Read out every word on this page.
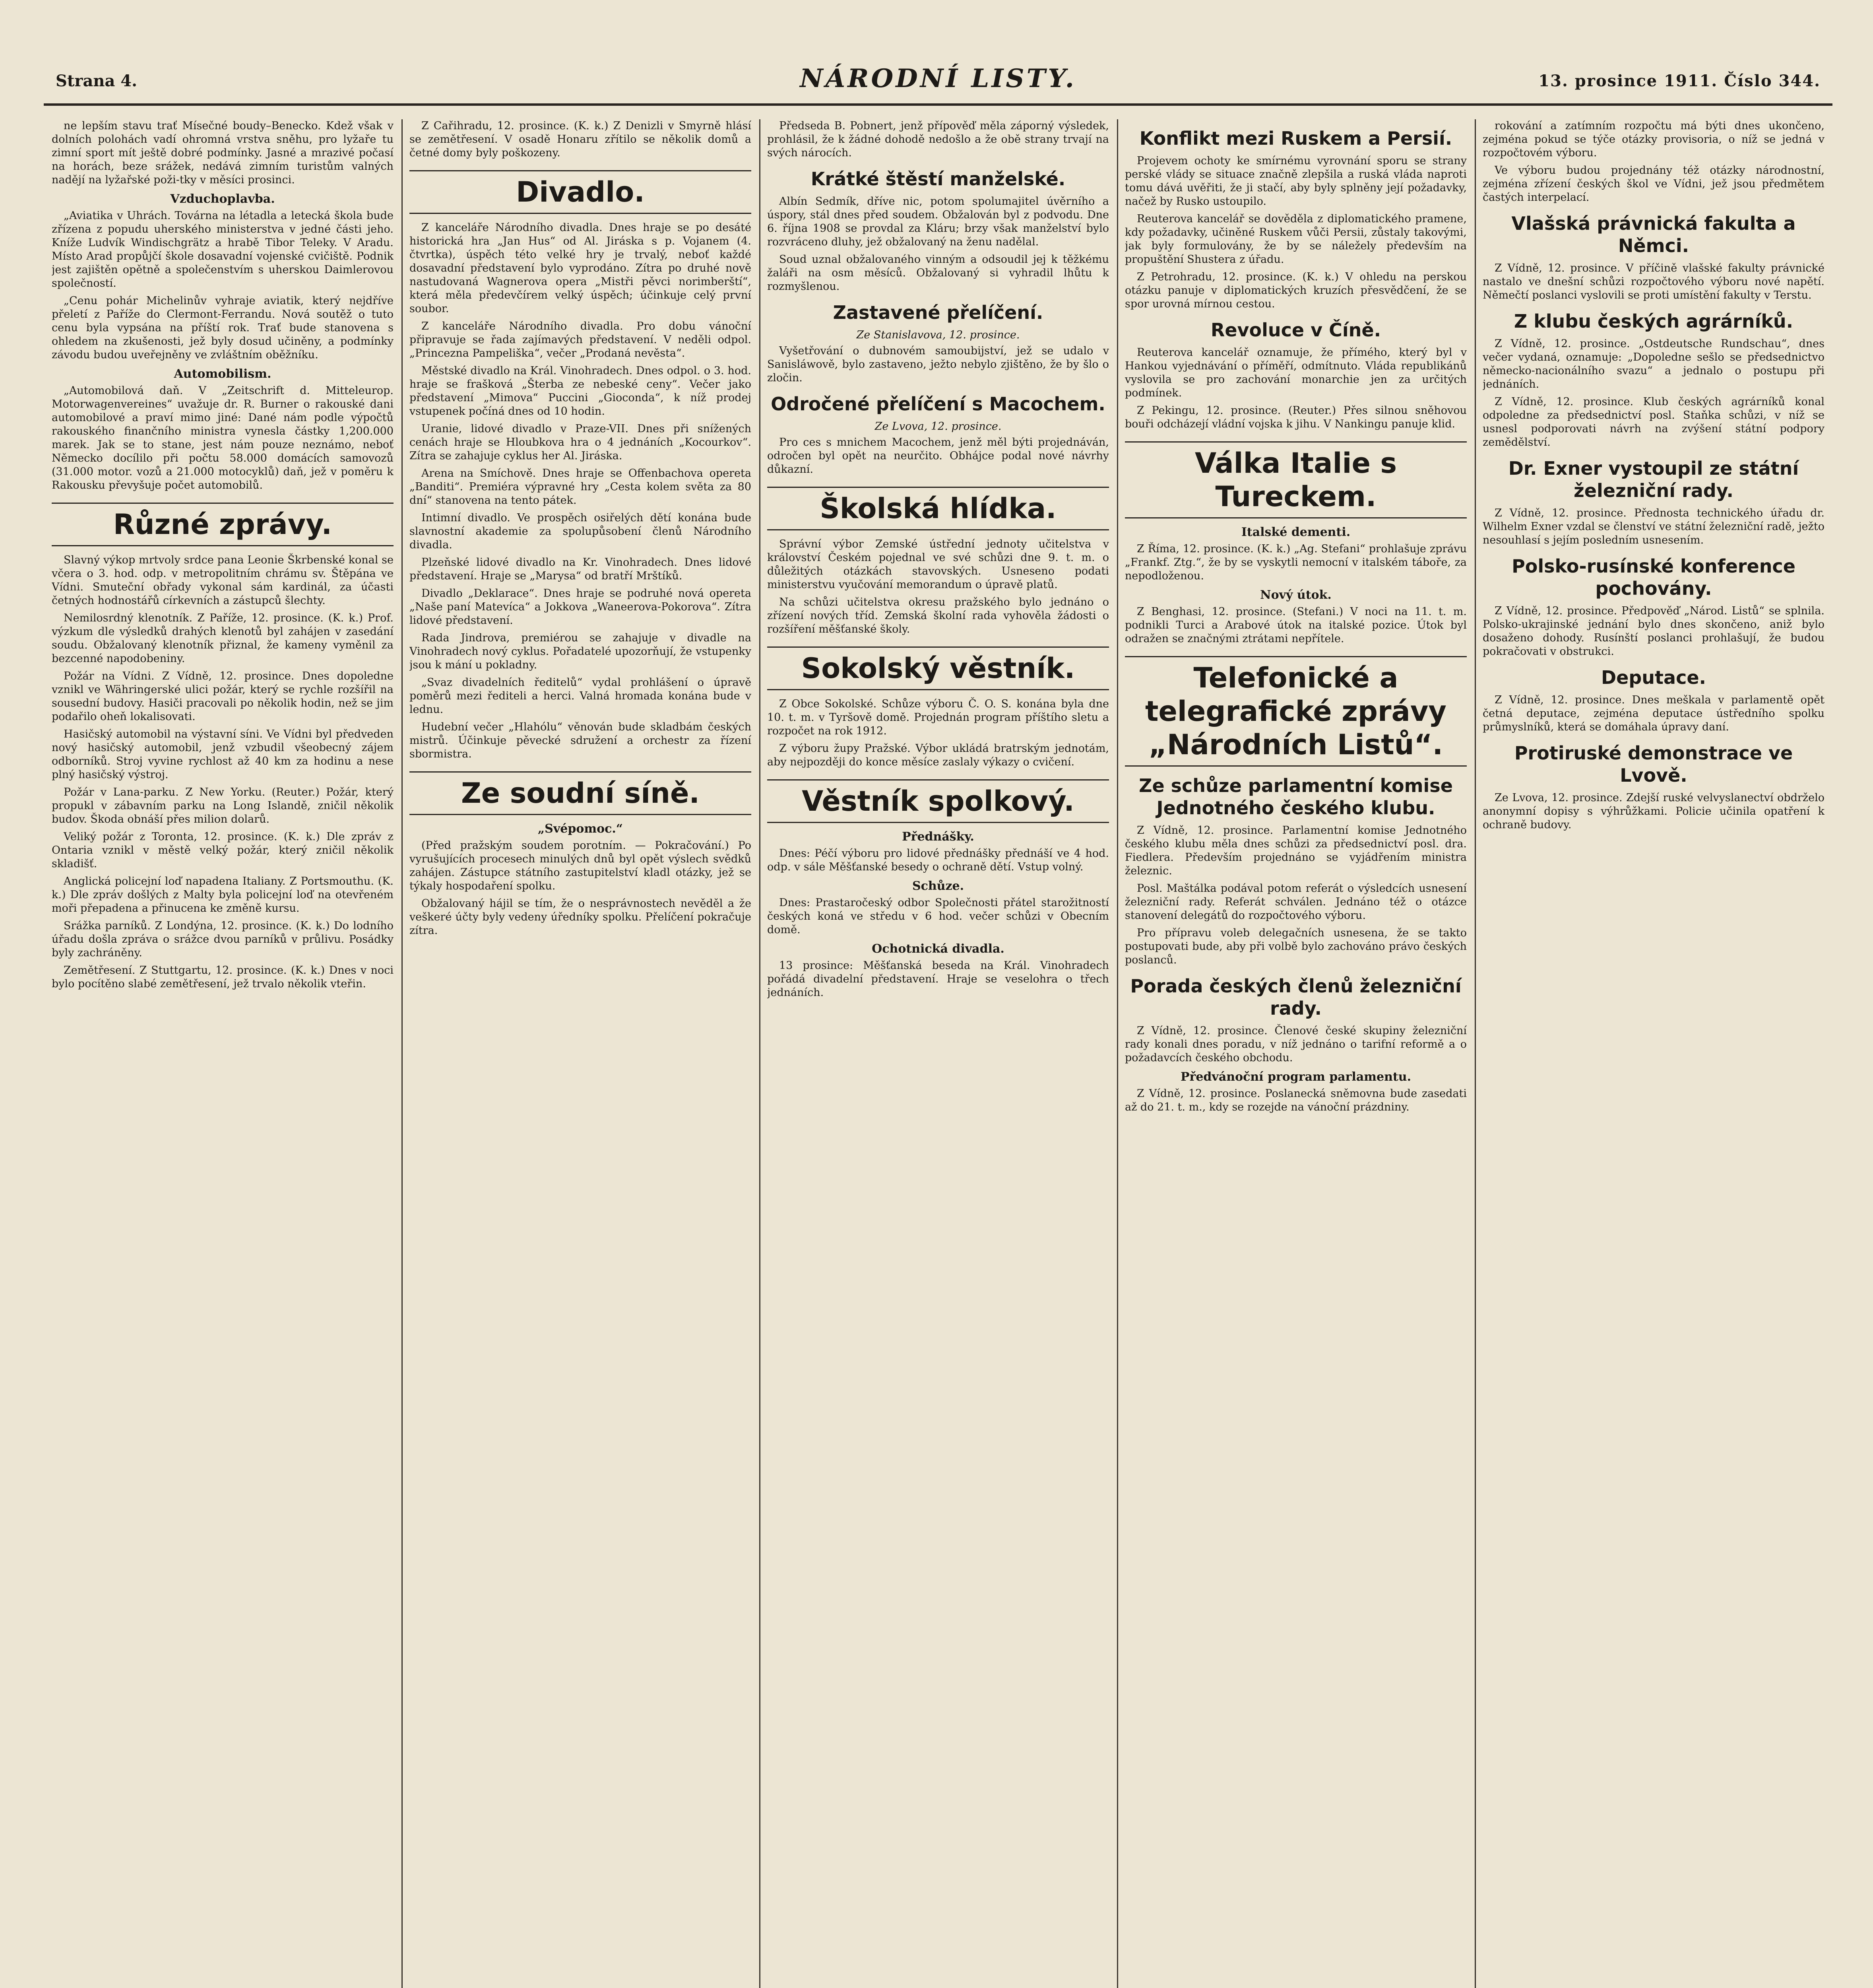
Strana 4.	NÁRODNÍ LISTY.	13. prosince 1911. Číslo 344.

ne lepším stavu trať Mísečné boudy–Benecko. Kdež však v dolních polohách vadí ohromná vrstva sněhu, pro lyžaře tu zimní sport mít ještě dobré podmínky. Jasné a mrazivé počasí na horách, beze srážek, nedává zimním turistům valných nadějí na lyžařské poži-tky v měsíci prosinci.

Vzduchoplavba.

„Aviatika v Uhrách. Továrna na létadla a letecká škola bude zřízena z popudu uherského ministerstva v jedné části jeho. Kníže Ludvík Windischgrätz a hrabě Tibor Teleky. V Aradu. Místo Arad propůjčí škole dosavadní vojenské cvičiště. Podnik jest zajištěn opětně a společenstvím s uherskou Daimlerovou společností.

„Cenu pohár Michelinův vyhraje aviatik, který nejdříve přeletí z Paříže do Clermont-Ferrandu. Nová soutěž o tuto cenu byla vypsána na příští rok. Trať bude stanovena s ohledem na zkušenosti, jež byly dosud učiněny, a podmínky závodu budou uveřejněny ve zvláštním oběžníku.

Automobilism.

„Automobilová daň. V „Zeitschrift d. Mitteleurop. Motorwagenvereines“ uvažuje dr. R. Burner o rakouské dani automobilové a praví mimo jiné: Dané nám podle výpočtů rakouského finančního ministra vynesla částky 1,200.000 marek. Jak se to stane, jest nám pouze neznámo, neboť Německo docílilo při počtu 58.000 domácích samovozů (31.000 motor. vozů a 21.000 motocyklů) daň, jež v poměru k Rakousku převyšuje počet automobilů.

Různé zprávy.

Slavný výkop mrtvoly srdce pana Leonie Škrbenské konal se včera o 3. hod. odp. v metropolitním chrámu sv. Štěpána ve Vídni. Smuteční obřady vykonal sám kardinál, za účasti četných hodnostářů církevních a zástupců šlechty.

Nemilosrdný klenotník. Z Paříže, 12. prosince. (K. k.) Prof. výzkum dle výsledků drahých klenotů byl zahájen v zasedání soudu. Obžalovaný klenotník přiznal, že kameny vyměnil za bezcenné napodobeniny.

Požár na Vídni. Z Vídně, 12. prosince. Dnes dopoledne vznikl ve Währingerské ulici požár, který se rychle rozšířil na sousední budovy. Hasiči pracovali po několik hodin, než se jim podařilo oheň lokalisovati.

Hasičský automobil na výstavní síni. Ve Vídni byl předveden nový hasičský automobil, jenž vzbudil všeobecný zájem odborníků. Stroj vyvine rychlost až 40 km za hodinu a nese plný hasičský výstroj.

Požár v Lana-parku. Z New Yorku. (Reuter.) Požár, který propukl v zábavním parku na Long Islandě, zničil několik budov. Škoda obnáší přes milion dolarů.

Veliký požár z Toronta, 12. prosince. (K. k.) Dle zpráv z Ontaria vznikl v městě velký požár, který zničil několik skladišť.

Anglická policejní loď napadena Italiany. Z Portsmouthu. (K. k.) Dle zpráv došlých z Malty byla policejní loď na otevřeném moři přepadena a přinucena ke změně kursu.

Srážka parníků. Z Londýna, 12. prosince. (K. k.) Do lodního úřadu došla zpráva o srážce dvou parníků v průlivu. Posádky byly zachráněny.

Zemětřesení. Z Stuttgartu, 12. prosince. (K. k.) Dnes v noci bylo pocítěno slabé zemětřesení, jež trvalo několik vteřin.

Z Cařihradu, 12. prosince. (K. k.) Z Denizli v Smyrně hlásí se zemětřesení. V osadě Honaru zřítilo se několik domů a četné domy byly poškozeny.

Divadlo.

Z kanceláře Národního divadla. Dnes hraje se po desáté historická hra „Jan Hus“ od Al. Jiráska s p. Vojanem (4. čtvrtka), úspěch této velké hry je trvalý, neboť každé dosavadní představení bylo vyprodáno. Zítra po druhé nově nastudovaná Wagnerova opera „Mistři pěvci norimberští“, která měla předevčírem velký úspěch; účinkuje celý první soubor.

Z kanceláře Národního divadla. Pro dobu vánoční připravuje se řada zajímavých představení. V neděli odpol. „Princezna Pampeliška“, večer „Prodaná nevěsta“.

Městské divadlo na Král. Vinohradech. Dnes odpol. o 3. hod. hraje se frašková „Šterba ze nebeské ceny“. Večer jako představení „Mimova“ Puccini „Gioconda“, k níž prodej vstupenek počíná dnes od 10 hodin.

Uranie, lidové divadlo v Praze-VII. Dnes při snížených cenách hraje se Hloubkova hra o 4 jednáních „Kocourkov“. Zítra se zahajuje cyklus her Al. Jiráska.

Arena na Smíchově. Dnes hraje se Offenbachova opereta „Banditi“. Premiéra výpravné hry „Cesta kolem světa za 80 dní“ stanovena na tento pátek.

Intimní divadlo. Ve prospěch osiřelých dětí konána bude slavnostní akademie za spolupůsobení členů Národního divadla.

Plzeňské lidové divadlo na Kr. Vinohradech. Dnes lidové představení. Hraje se „Marysa“ od bratří Mrštíků.

Divadlo „Deklarace“. Dnes hraje se podruhé nová opereta „Naše paní Matevíca“ a Jokkova „Waneerova-Pokorova“. Zítra lidové představení.

Rada Jindrova, premiérou se zahajuje v divadle na Vinohradech nový cyklus. Pořadatelé upozorňují, že vstupenky jsou k mání u pokladny.

„Svaz divadelních ředitelů“ vydal prohlášení o úpravě poměrů mezi řediteli a herci. Valná hromada konána bude v lednu.

Hudební večer „Hlahólu“ věnován bude skladbám českých mistrů. Účinkuje pěvecké sdružení a orchestr za řízení sbormistra.

Ze soudní síně.
„Svépomoc.“

(Před pražským soudem porotním. — Pokračování.) Po vyrušujících procesech minulých dnů byl opět výslech svědků zahájen. Zástupce státního zastupitelství kladl otázky, jež se týkaly hospodaření spolku.

Obžalovaný hájil se tím, že o nesprávnostech nevěděl a že veškeré účty byly vedeny úředníky spolku. Přelíčení pokračuje zítra.

Předseda B. Pobnert, jenž přípověď měla záporný výsledek, prohlásil, že k žádné dohodě nedošlo a že obě strany trvají na svých nárocích.

Krátké štěstí manželské.

Albín Sedmík, dříve nic, potom spolumajitel úvěrního a úspory, stál dnes před soudem. Obžalován byl z podvodu. Dne 6. října 1908 se provdal za Kláru; brzy však manželství bylo rozvráceno dluhy, jež obžalovaný na ženu nadělal.

Soud uznal obžalovaného vinným a odsoudil jej k těžkému žaláři na osm měsíců. Obžalovaný si vyhradil lhůtu k rozmyšlenou.

Zastavené přelíčení.
Ze Stanislavova, 12. prosince.

Vyšetřování o dubnovém samoubijství, jež se udalo v Sanisláwově, bylo zastaveno, ježto nebylo zjištěno, že by šlo o zločin.

Odročené přelíčení s Macochem.
Ze Lvova, 12. prosince.

Pro ces s mnichem Macochem, jenž měl býti projednáván, odročen byl opět na neurčito. Obhájce podal nové návrhy důkazní.

Školská hlídka.

Správní výbor Zemské ústřední jednoty učitelstva v království Českém pojednal ve své schůzi dne 9. t. m. o důležitých otázkách stavovských. Usneseno podati ministerstvu vyučování memorandum o úpravě platů.

Na schůzi učitelstva okresu pražského bylo jednáno o zřízení nových tříd. Zemská školní rada vyhověla žádosti o rozšíření měšťanské školy.

Sokolský věstník.

Z Obce Sokolské. Schůze výboru Č. O. S. konána byla dne 10. t. m. v Tyršově domě. Projednán program příštího sletu a rozpočet na rok 1912.

Z výboru župy Pražské. Výbor ukládá bratrským jednotám, aby nejpozději do konce měsíce zaslaly výkazy o cvičení.

Věstník spolkový.
Přednášky.

Dnes: Péčí výboru pro lidové přednášky přednáší ve 4 hod. odp. v sále Měšťanské besedy o ochraně dětí. Vstup volný.

Schůze.

Dnes: Prastaročeský odbor Společnosti přátel starožitností českých koná ve středu v 6 hod. večer schůzi v Obecním domě.

Ochotnická divadla.

13 prosince: Měšťanská beseda na Král. Vinohradech pořádá divadelní představení. Hraje se veselohra o třech jednáních.

Konflikt mezi Ruskem a Persií.

Projevem ochoty ke smírnému vyrovnání sporu se strany perské vlády se situace značně zlepšila a ruská vláda naproti tomu dává uvěřiti, že ji stačí, aby byly splněny její požadavky, načež by Rusko ustoupilo.

Reuterova kancelář se dověděla z diplomatického pramene, kdy požadavky, učiněné Ruskem vůči Persii, zůstaly takovými, jak byly formulovány, že by se náležely především na propuštění Shustera z úřadu.

Z Petrohradu, 12. prosince. (K. k.) V ohledu na perskou otázku panuje v diplomatických kruzích přesvědčení, že se spor urovná mírnou cestou.

Revoluce v Číně.

Reuterova kancelář oznamuje, že přímého, který byl v Hankou vyjednávání o příměří, odmítnuto. Vláda republikánů vyslovila se pro zachování monarchie jen za určitých podmínek.

Z Pekingu, 12. prosince. (Reuter.) Přes silnou sněhovou bouři odcházejí vládní vojska k jihu. V Nankingu panuje klid.

Válka Italie s Tureckem.
Italské dementi.

Z Říma, 12. prosince. (K. k.) „Ag. Stefani“ prohlašuje zprávu „Frankf. Ztg.“, že by se vyskytli nemocní v italském táboře, za nepodloženou.

Nový útok.

Z Benghasi, 12. prosince. (Stefani.) V noci na 11. t. m. podnikli Turci a Arabové útok na italské pozice. Útok byl odražen se značnými ztrátami nepřítele.

Telefonické a telegrafické zprávy „Národních Listů“.
Ze schůze parlamentní komise Jednotného českého klubu.

Z Vídně, 12. prosince. Parlamentní komise Jednotného českého klubu měla dnes schůzi za předsednictví posl. dra. Fiedlera. Především projednáno se vyjádřením ministra železnic.

Posl. Maštálka podával potom referát o výsledcích usnesení železniční rady. Referát schválen. Jednáno též o otázce stanovení delegátů do rozpočtového výboru.

Pro přípravu voleb delegačních usnesena, že se takto postupovati bude, aby při volbě bylo zachováno právo českých poslanců.

Porada českých členů železniční rady.

Z Vídně, 12. prosince. Členové české skupiny železniční rady konali dnes poradu, v níž jednáno o tarifní reformě a o požadavcích českého obchodu.

Předvánoční program parlamentu.

Z Vídně, 12. prosince. Poslanecká sněmovna bude zasedati až do 21. t. m., kdy se rozejde na vánoční prázdniny.

rokování a zatímním rozpočtu má býti dnes ukončeno, zejména pokud se týče otázky provisoria, o níž se jedná v rozpočtovém výboru.

Ve výboru budou projednány též otázky národnostní, zejména zřízení českých škol ve Vídni, jež jsou předmětem častých interpelací.

Vlašská právnická fakulta a Němci.

Z Vídně, 12. prosince. V příčině vlašské fakulty právnické nastalo ve dnešní schůzi rozpočtového výboru nové napětí. Němečtí poslanci vyslovili se proti umístění fakulty v Terstu.

Z klubu českých agrárníků.

Z Vídně, 12. prosince. „Ostdeutsche Rundschau“, dnes večer vydaná, oznamuje: „Dopoledne sešlo se předsednictvo německo-nacionálního svazu“ a jednalo o postupu při jednáních.

Z Vídně, 12. prosince. Klub českých agrárníků konal odpoledne za předsednictví posl. Staňka schůzi, v níž se usnesl podporovati návrh na zvýšení státní podpory zemědělství.

Dr. Exner vystoupil ze státní železniční rady.

Z Vídně, 12. prosince. Přednosta technického úřadu dr. Wilhelm Exner vzdal se členství ve státní železniční radě, ježto nesouhlasí s jejím posledním usnesením.

Polsko-rusínské konference pochovány.

Z Vídně, 12. prosince. Předpověď „Národ. Listů“ se splnila. Polsko-ukrajinské jednání bylo dnes skončeno, aniž bylo dosaženo dohody. Rusínští poslanci prohlašují, že budou pokračovati v obstrukci.

Deputace.

Z Vídně, 12. prosince. Dnes meškala v parlamentě opět četná deputace, zejména deputace ústředního spolku průmyslníků, která se domáhala úpravy daní.

Protiruské demonstrace ve Lvově.

Ze Lvova, 12. prosince. Zdejší ruské velvyslanectví obdrželo anonymní dopisy s výhrůžkami. Policie učinila opatření k ochraně budovy.
